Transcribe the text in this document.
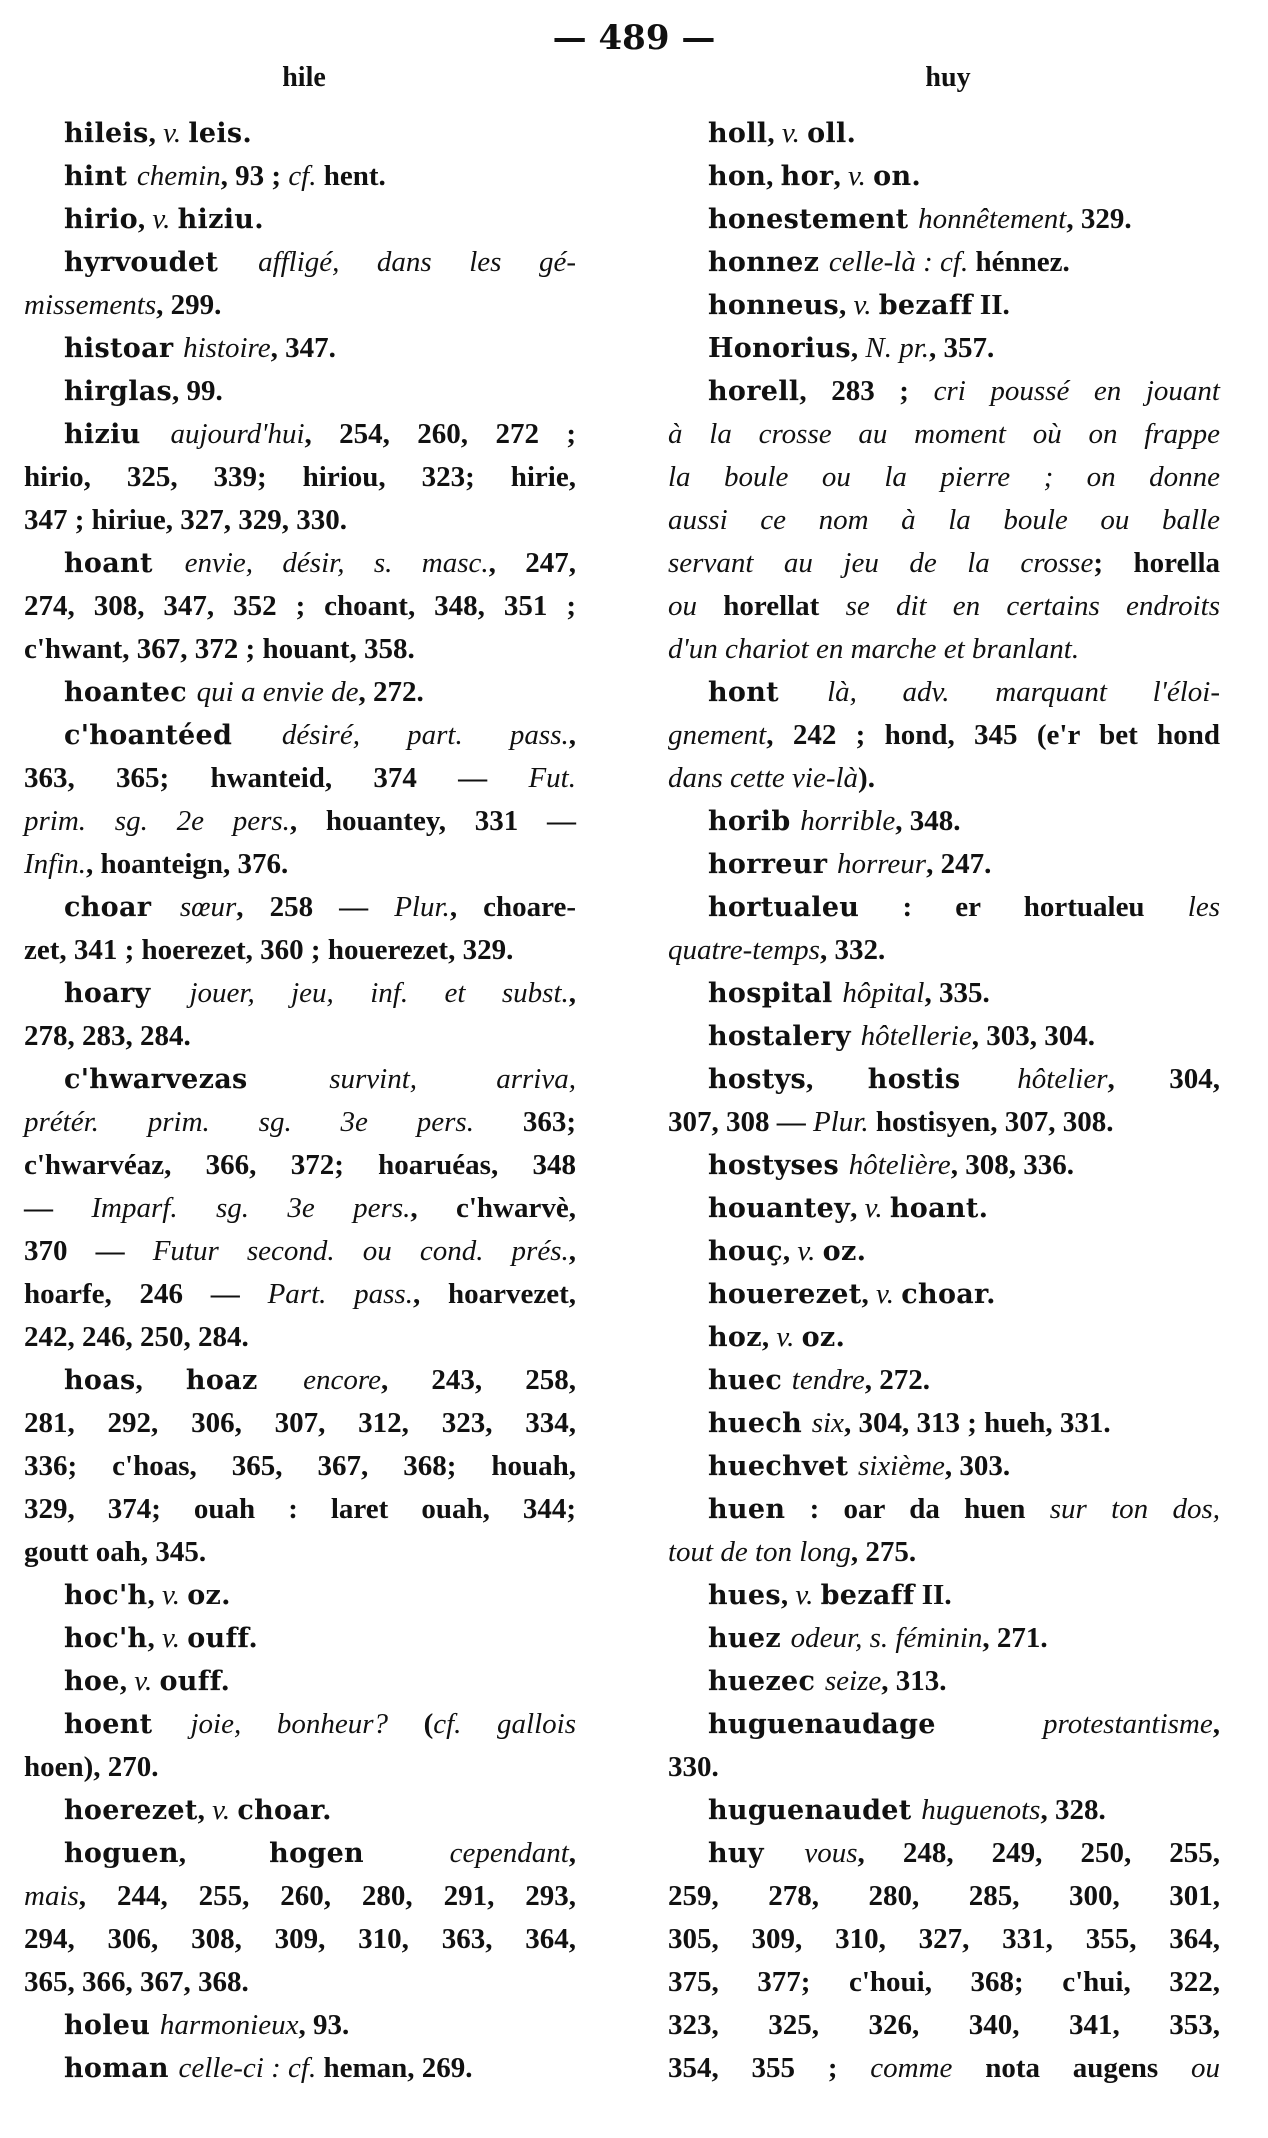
— 489 —
hile	huy
hileis, v. leis.
hint chemin, 93 ; cf. hent.
hirio, v. hiziu.
hyrvoudet affligé, dans les gé-
missements, 299.
histoar histoire, 347.
hirglas, 99.
hiziu aujourd'hui, 254, 260, 272 ;
hirio, 325, 339; hiriou, 323; hirie,
347 ; hiriue, 327, 329, 330.
hoant envie, désir, s. masc., 247,
274, 308, 347, 352 ; choant, 348, 351 ;
c'hwant, 367, 372 ; houant, 358.
hoantec qui a envie de, 272.
c'hoantéed désiré, part. pass.,
363, 365; hwanteid, 374 — Fut.
prim. sg. 2e pers., houantey, 331 —
Infin., hoanteign, 376.
choar sœur, 258 — Plur., choare-
zet, 341 ; hoerezet, 360 ; houerezet, 329.
hoary jouer, jeu, inf. et subst.,
278, 283, 284.
c'hwarvezas survint, arriva,
prétér. prim. sg. 3e pers. 363;
c'hwarvéaz, 366, 372; hoaruéas, 348
— Imparf. sg. 3e pers., c'hwarvè,
370 — Futur second. ou cond. prés.,
hoarfe, 246 — Part. pass., hoarvezet,
242, 246, 250, 284.
hoas, hoaz encore, 243, 258,
281, 292, 306, 307, 312, 323, 334,
336; c'hoas, 365, 367, 368; houah,
329, 374; ouah : laret ouah, 344;
goutt oah, 345.
hoc'h, v. oz.
hoc'h, v. ouff.
hoe, v. ouff.
hoent joie, bonheur? (cf. gallois
hoen), 270.
hoerezet, v. choar.
hoguen, hogen cependant,
mais, 244, 255, 260, 280, 291, 293,
294, 306, 308, 309, 310, 363, 364,
365, 366, 367, 368.
holeu harmonieux, 93.
homan celle-ci : cf. heman, 269.
holl, v. oll.
hon, hor, v. on.
honestement honnêtement, 329.
honnez celle-là : cf. hénnez.
honneus, v. bezaff II.
Honorius, N. pr., 357.
horell, 283 ; cri poussé en jouant
à la crosse au moment où on frappe
la boule ou la pierre ; on donne
aussi ce nom à la boule ou balle
servant au jeu de la crosse; horella
ou horellat se dit en certains endroits
d'un chariot en marche et branlant.
hont là, adv. marquant l'éloi-
gnement, 242 ; hond, 345 (e'r bet hond
dans cette vie-là).
horib horrible, 348.
horreur horreur, 247.
hortualeu : er hortualeu les
quatre-temps, 332.
hospital hôpital, 335.
hostalery hôtellerie, 303, 304.
hostys, hostis hôtelier, 304,
307, 308 — Plur. hostisyen, 307, 308.
hostyses hôtelière, 308, 336.
houantey, v. hoant.
houç, v. oz.
houerezet, v. choar.
hoz, v. oz.
huec tendre, 272.
huech six, 304, 313 ; hueh, 331.
huechvet sixième, 303.
huen : oar da huen sur ton dos,
tout de ton long, 275.
hues, v. bezaff II.
huez odeur, s. féminin, 271.
huezec seize, 313.
huguenaudage protestantisme,
330.
huguenaudet huguenots, 328.
huy vous, 248, 249, 250, 255,
259, 278, 280, 285, 300, 301,
305, 309, 310, 327, 331, 355, 364,
375, 377; c'houi, 368; c'hui, 322,
323, 325, 326, 340, 341, 353,
354, 355 ; comme nota augens ou
